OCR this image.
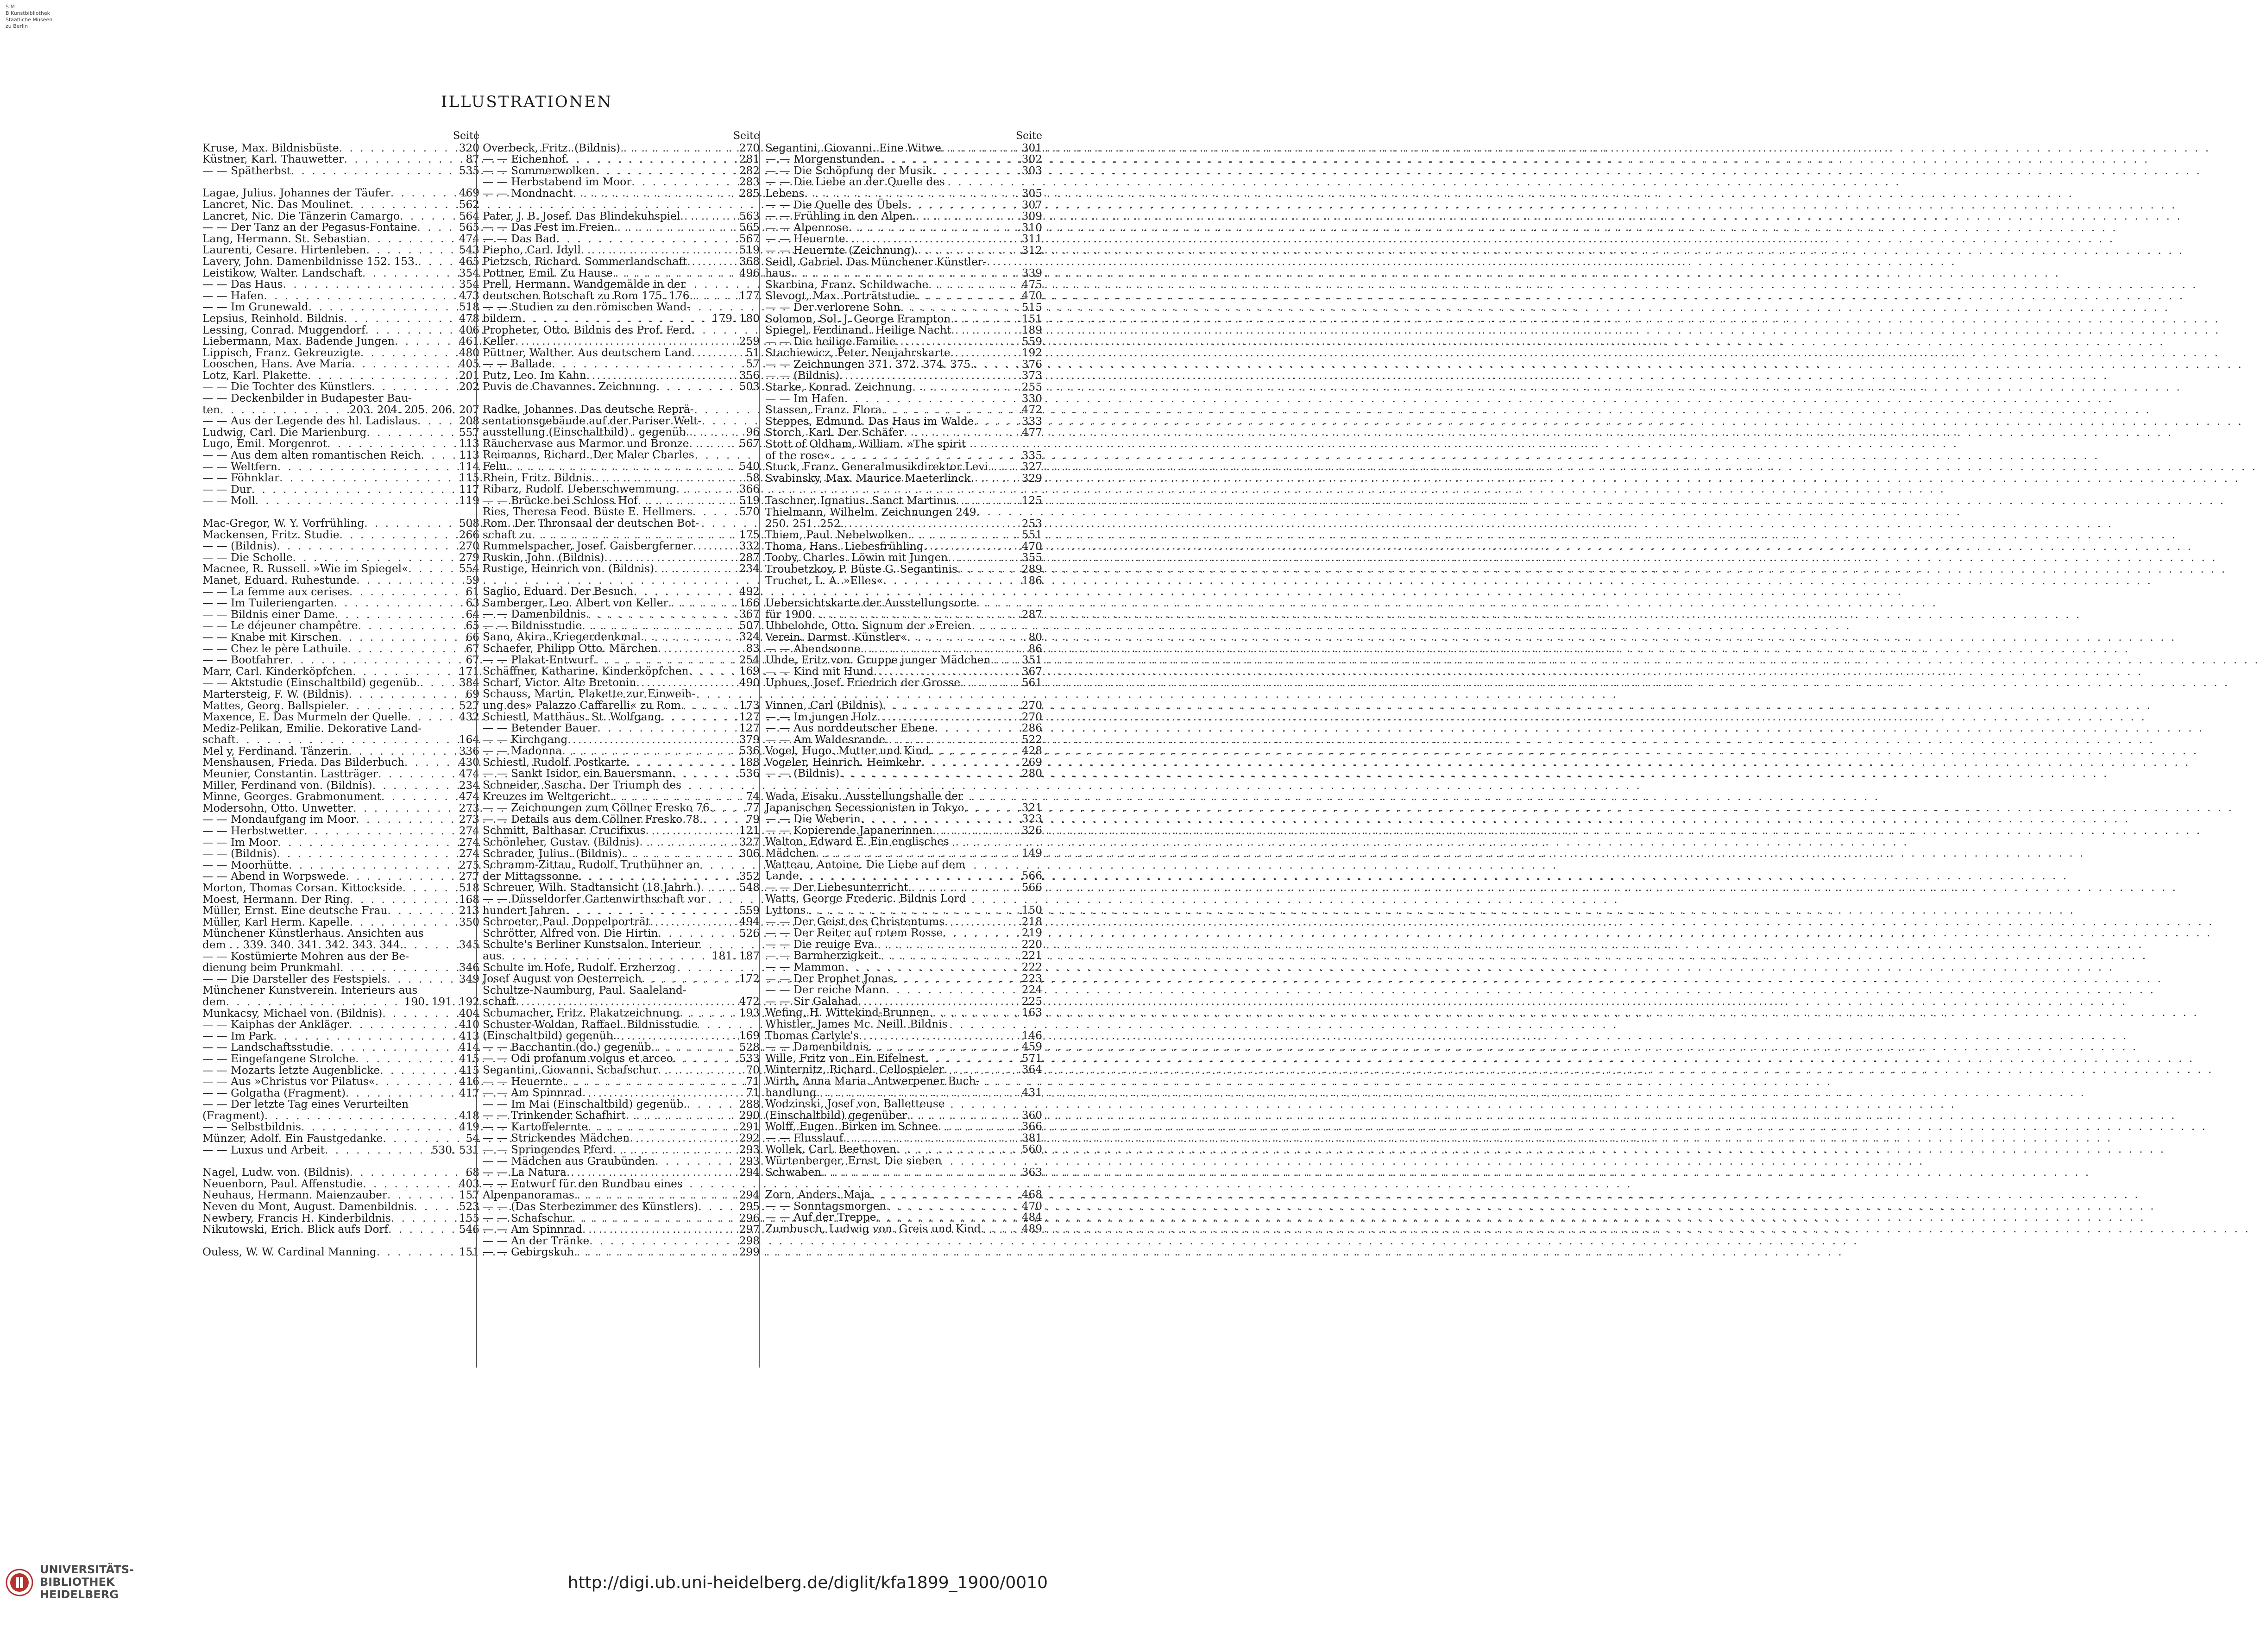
S M
B Kunstbibliothek
Staatliche Museen
zu Berlin
ILLUSTRATIONEN
Seite
Kruse, Max. Bildnisbüste . . .	320
Küstner, Karl. Thauwetter . . .	87
— — Spätherbst . . .	535
Lagae, Julius. Johannes der Täufer . . .	469
Lancret, Nic. Das Moulinet . . .	562
Lancret, Nic. Die Tänzerin Camargo . . .	564
— — Der Tanz an der Pegasus-Fontaine . . .	565
Lang, Hermann. St. Sebastian . . .	474
Laurenti, Cesare. Hirtenleben . . .	543
Lavery, John. Damenbildnisse 152. 153. . . .	465
Leistikow, Walter. Landschaft . . .	354
— — Das Haus . . .	354
— — Hafen . . .	473
— — Im Grunewald . . .	518
Lepsius, Reinhold. Bildnis . . .	478
Lessing, Conrad. Muggendorf . . .	406
Liebermann, Max. Badende Jungen . . .	461
Lippisch, Franz. Gekreuzigte . . .	480
Looschen, Hans. Ave Maria . . .	405
Lotz, Karl. Plakette . . .	201
— — Die Tochter des Künstlers . . .	202
— — Deckenbilder in Budapester Bau-
ten . . .	203. 204. 205. 206. 207
— — Aus der Legende des hl. Ladislaus . . .	208
Ludwig, Carl. Die Marienburg . . .	557
Lugo, Emil. Morgenrot . . .	113
— — Aus dem alten romantischen Reich . . .	113
— — Weltfern . . .	114
— — Föhnklar . . .	115
— — Dur . . .	117
— — Moll . . .	119
Mac-Gregor, W. Y. Vorfrühling . . .	508
Mackensen, Fritz. Studie . . .	266
— — (Bildnis) . . .	270
— — Die Scholle . . .	279
Macnee, R. Russell. »Wie im Spiegel« . . .	554
Manet, Eduard. Ruhestunde . . .	59
— — La femme aux cerises . . .	61
— — Im Tuileriengarten . . .	63
— — Bildnis einer Dame . . .	64
— — Le déjeuner champêtre . . .	65
— — Knabe mit Kirschen . . .	66
— — Chez le père Lathuile . . .	67
— — Bootfahrer . . .	67
Marr, Carl. Kinderköpfchen . . .	171
— — Aktstudie (Einschaltbild) gegenüb. . . .	384
Martersteig, F. W. (Bildnis) . . .	69
Mattes, Georg. Ballspieler . . .	527
Maxence, E. Das Murmeln der Quelle . . .	432
Mediz-Pelikan, Emilie. Dekorative Land-
schaft . . .	164
Mel y, Ferdinand. Tänzerin . . .	336
Menshausen, Frieda. Das Bilderbuch . . .	430
Meunier, Constantin. Lastträger . . .	474
Miller, Ferdinand von. (Bildnis) . . .	234
Minne, Georges. Grabmonument . . .	474
Modersohn, Otto. Unwetter . . .	273
— — Mondaufgang im Moor . . .	273
— — Herbstwetter . . .	274
— — Im Moor . . .	274
— — (Bildnis) . . .	274
— — Moorhütte . . .	275
— — Abend in Worpswede . . .	277
Morton, Thomas Corsan. Kittockside . . .	518
Moest, Hermann. Der Ring . . .	168
Müller, Ernst. Eine deutsche Frau . . .	213
Müller, Karl Herm. Kapelle . . .	350
Münchener Künstlerhaus. Ansichten aus
dem . . 339. 340. 341. 342. 343. 344. . . .	345
— — Kostümierte Mohren aus der Be-
dienung beim Prunkmahl . . .	346
— — Die Darsteller des Festspiels . . .	349
Münchener Kunstverein. Interieurs aus
dem . . .	190. 191. 192
Munkacsy, Michael von. (Bildnis) . . .	404
— — Kaiphas der Ankläger . . .	410
— — Im Park . . .	413
— — Landschaftsstudie . . .	414
— — Eingefangene Strolche . . .	415
— — Mozarts letzte Augenblicke . . .	415
— — Aus »Christus vor Pilatus« . . .	416
— — Golgatha (Fragment) . . .	417
— — Der letzte Tag eines Verurteilten
(Fragment) . . .	418
— — Selbstbildnis . . .	419
Münzer, Adolf. Ein Faustgedanke . . .	54
— — Luxus und Arbeit . . .	530. 531
Nagel, Ludw. von. (Bildnis) . . .	68
Neuenborn, Paul. Affenstudie . . .	403
Neuhaus, Hermann. Maienzauber . . .	157
Neven du Mont, August. Damenbildnis . . .	523
Newbery, Francis H. Kinderbildnis . . .	155
Nikutowski, Erich. Blick aufs Dorf . . .	546
Ouless, W. W. Cardinal Manning . . .	151
Seite
Overbeck, Fritz. (Bildnis) . . .	270
— — Eichenhof . . .	281
— — Sommerwolken . . .	282
— — Herbstabend im Moor . . .	283
— — Mondnacht . . .	285
Pater, J. B. Josef. Das Blindekuhspiel . . .	563
— — Das Fest im Freien . . .	565
— — Das Bad . . .	567
Piepho, Carl. Idyll . . .	519
Pietzsch, Richard. Sommerlandschaft . . .	368
Pottner, Emil. Zu Hause . . .	496
Prell, Hermann. Wandgemälde in der
deutschen Botschaft zu Rom 175. 176. . . .	177
— — Studien zu den römischen Wand-
bildern . . .	179. 180
Propheter, Otto. Bildnis des Prof. Ferd.
Keller . . .	259
Püttner, Walther. Aus deutschem Land . . .	51
— — Ballade . . .	57
Putz, Leo. Im Kahn . . .	356
Puvis de Chavannes. Zeichnung . . .	503
Radke, Johannes. Das deutsche Reprä-
sentationsgebäude auf der Pariser Welt-
ausstellung (Einschaltbild) . gegenüb. . . .	96
Räuchervase aus Marmor und Bronze . . .	567
Reimanns, Richard. Der Maler Charles
Felu . . .	540
Rhein, Fritz. Bildnis . . .	58
Ribarz, Rudolf. Ueberschwemmung . . .	366
— — Brücke bei Schloss Hof . . .	519
Ries, Theresa Feod. Büste E. Hellmers . . .	570
Rom. Der Thronsaal der deutschen Bot-
schaft zu . . .	175
Rummelspacher, Josef. Gaisbergferner . . .	332
Ruskin, John. (Bildnis) . . .	287
Rustige, Heinrich von. (Bildnis) . . .	234
Saglio, Eduard. Der Besuch . . .	492
Samberger, Leo. Albert von Keller . . .	166
— — Damenbildnis . . .	367
— — Bildnisstudie . . .	507
Sano, Akira. Kriegerdenkmal . . .	324
Schaefer, Philipp Otto. Märchen . . .	83
— — Plakat-Entwurf . . .	254
Schäffner, Katharine. Kinderköpfchen . . .	169
Scharf, Victor. Alte Bretonin . . .	490
Schauss, Martin. Plakette zur Einweih-
ung des» Palazzo Caffarelli« zu Rom . . .	173
Schiestl, Matthäus. St. Wolfgang . . .	127
— — Betender Bauer . . .	127
— — Kirchgang . . .	379
— — Madonna . . .	536
Schiestl, Rudolf. Postkarte . . .	188
— — Sankt Isidor, ein Bauersmann . . .	536
Schneider, Sascha. Der Triumph des
Kreuzes im Weltgericht . . .	74
— — Zeichnungen zum Cöllner Fresko 76. . . .	77
— — Details aus dem Cöllner Fresko 78. . . .	79
Schmitt, Balthasar. Crucifixus . . .	121
Schönleber, Gustav. (Bildnis) . . .	327
Schrader, Julius. (Bildnis) . . .	306
Schramm-Zittau, Rudolf. Truthühner an
der Mittagssonne . . .	352
Schreuer, Wilh. Stadtansicht (18.Jahrh.) . . .	548
— — Düsseldorfer Gartenwirthschaft vor
hundert Jahren . . .	559
Schroeter, Paul. Doppelporträt . . .	494
Schrötter, Alfred von. Die Hirtin . . .	526
Schulte's Berliner Kunstsalon. Interieur
aus . . .	181. 187
Schulte im Hofe, Rudolf. Erzherzog
Josef August von Oesterreich . . .	172
Schultze-Naumburg, Paul. Saaleland-
schaft . . .	472
Schumacher, Fritz. Plakatzeichnung . . .	193
Schuster-Woldan, Raffael. Bildnisstudie
(Einschaltbild) gegenüb. . . .	169
— — Bacchantin (do.) gegenüb. . . .	528
— — Odi profanum volgus et arceo . . .	533
Segantini, Giovanni. Schafschur . . .	70
— — Heuernte . . .	71
— — Am Spinnrad . . .	71
— — Im Mai (Einschaltbild) gegenüb. . . .	288
— — Trinkender Schafhirt . . .	290
— — Kartoffelernte . . .	291
— — Strickendes Mädchen . . .	292
— — Springendes Pferd . . .	293
— — Mädchen aus Graubünden . . .	293
— — La Natura . . .	294
— — Entwurf für den Rundbau eines
Alpenpanoramas . . .	294
— — (Das Sterbezimmer des Künstlers) . . .	295
— — Schafschur . . .	296
— — Am Spinnrad . . .	297
— — An der Tränke . . .	298
— — Gebirgskuh . . .	299
Seite
Segantini, Giovanni. Eine Witwe . . .	301
— — Morgenstunden . . .	302
— — Die Schöpfung der Musik . . .	303
— — Die Liebe an der Quelle des
Lebens . . .	305
— — Die Quelle des Übels . . .	307
— — Frühling in den Alpen . . .	309
— — Alpenrose . . .	310
— — Heuernte . . .	311
— — Heuernte (Zeichnung) . . .	312
Seidl, Gabriel. Das Münchener Künstler-
haus . . .	339
Skarbina, Franz. Schildwache . . .	475
Slevogt, Max. Porträtstudie . . .	470
— — Der verlorene Sohn . . .	515
Solomon, Sol. J. George Frampton . . .	151
Spiegel, Ferdinand. Heilige Nacht . . .	189
— — Die heilige Familie . . .	559
Stachiewicz, Peter. Neujahrskarte . . .	192
— — Zeichnungen 371. 372. 374. 375. . . .	376
— — (Bildnis) . . .	373
Starke, Konrad. Zeichnung . . .	255
— — Im Hafen . . .	330
Stassen, Franz. Flora . . .	472
Steppes, Edmund. Das Haus im Walde . . .	333
Storch, Karl. Der Schäfer . . .	477
Stott of Oldham, William. »The spirit
of the rose« . . .	335
Stuck, Franz. Generalmusikdirektor Levi . . .	327
Svabinsky, Max. Maurice Maeterlinck . . .	329
Taschner, Ignatius. Sanct Martinus . . .	125
Thielmann, Wilhelm. Zeichnungen 249.
250. 251. 252. . . .	253
Thiem, Paul. Nebelwolken . . .	551
Thoma, Hans. Liebesfrühling . . .	470
Tooby, Charles. Löwin mit Jungen . . .	355
Troubetzkoy, P. Büste G. Segantinis . . .	289
Truchet, L. A. »Elles« . . .	186
Uebersichtskarte der Ausstellungsorte
für 1900 . . .	287
Ubbelohde, Otto. Signum der »Freien
Verein. Darmst. Künstler« . . .	80
— — Abendsonne . . .	86
Uhde, Fritz von. Gruppe junger Mädchen . . .	351
— — Kind mit Hund . . .	367
Uphues, Josef. Friedrich der Grosse . . .	561
Vinnen, Carl (Bildnis) . . .	270
— — Im jungen Holz . . .	270
— — Aus norddeutscher Ebene . . .	286
— — Am Waldesrande . . .	522
Vogel, Hugo. Mutter und Kind . . .	428
Vogeler, Heinrich. Heimkehr . . .	269
— — (Bildnis) . . .	280
Wada, Eisaku. Ausstellungshalle der
Japanischen Secessionisten in Tokyo . . .	321
— — Die Weberin . . .	323
— — Kopierende Japanerinnen . . .	326
Walton, Edward E. Ein englisches
Mädchen . . .	149
Watteau, Antoine. Die Liebe auf dem
Lande . . .	566
— — Der Liebesunterricht . . .	566
Watts, George Frederic. Bildnis Lord
Lyttons . . .	150
— — Der Geist des Christentums . . .	218
— — Der Reiter auf rotem Rosse . . .	219
— — Die reuige Eva . . .	220
— — Barmherzigkeit . . .	221
— — Mammon . . .	222
— — Der Prophet Jonas . . .	223
— — Der reiche Mann . . .	224
— — Sir Galahad . . .	225
Wefing, H. Wittekind-Brunnen . . .	163
Whistler, James Mc. Neill. Bildnis
Thomas Carlyle's . . .	146
— — Damenbildnis . . .	459
Wille, Fritz von. Ein Eifelnest . . .	571
Winternitz, Richard. Cellospieler . . .	364
Wirth, Anna Maria. Antwerpener Buch-
handlung . . .	431
Wodzinski, Josef von. Balletteuse
(Einschaltbild) gegenüber . . .	360
Wolff, Eugen. Birken im Schnee . . .	366
— — Flusslauf . . .	381
Wollek, Carl. Beethoven . . .	560
Würtenberger, Ernst. Die sieben
Schwaben . . .	363
Zorn, Anders. Maja . . .	468
— — Sonntagsmorgen . . .	470
— — Auf der Treppe . . .	484
Zumbusch, Ludwig von. Greis und Kind . . .	489
UNIVERSITÄTS-
BIBLIOTHEK
HEIDELBERG
http://digi.ub.uni-heidelberg.de/diglit/kfa1899_1900/0010
